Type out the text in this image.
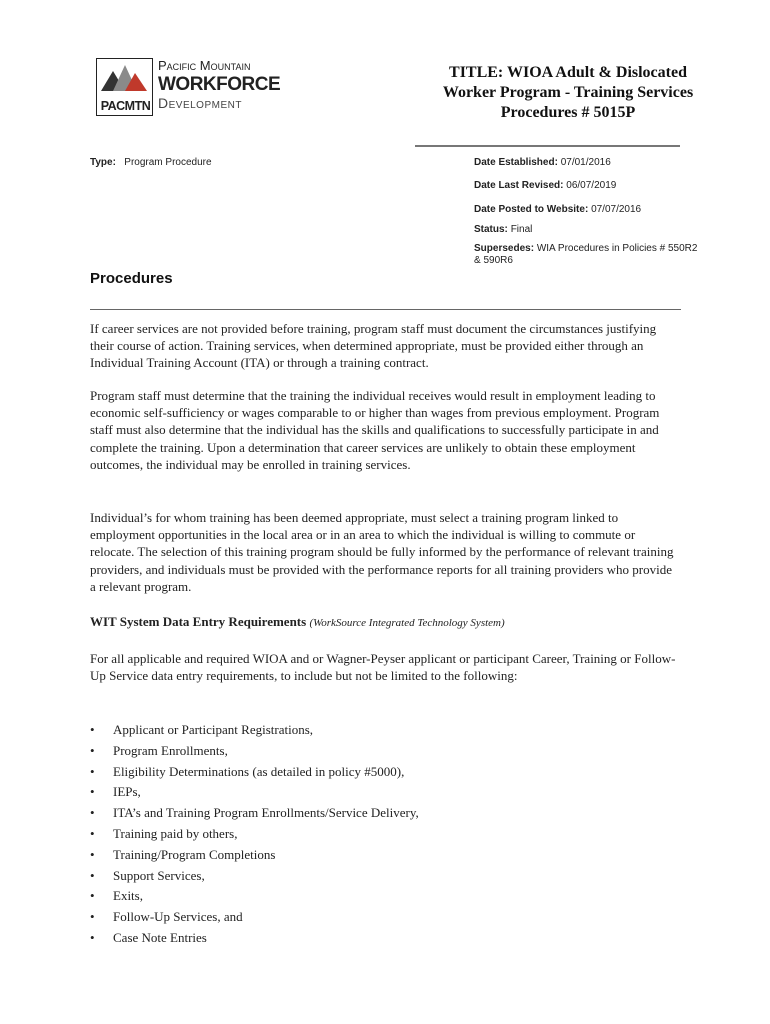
PACMTN
Pacific Mountain
WORKFORCE
Development
TITLE: WIOA Adult & Dislocated
Worker Program - Training Services
Procedures # 5015P
Type: Program Procedure	Date Established: 07/01/2016
Date Last Revised: 06/07/2019
Date Posted to Website: 07/07/2016
Status: Final
Supersedes: WIA Procedures in Policies # 550R2 & 590R6
Procedures

If career services are not provided before training, program staff must document the circumstances justifying their course of action. Training services, when determined appropriate, must be provided either through an Individual Training Account (ITA) or through a training contract.

Program staff must determine that the training the individual receives would result in employment leading to economic self-sufficiency or wages comparable to or higher than wages from previous employment. Program staff must also determine that the individual has the skills and qualifications to successfully participate in and complete the training. Upon a determination that career services are unlikely to obtain these employment outcomes, the individual may be enrolled in training services.

Individual’s for whom training has been deemed appropriate, must select a training program linked to employment opportunities in the local area or in an area to which the individual is willing to commute or relocate. The selection of this training program should be fully informed by the performance of relevant training providers, and individuals must be provided with the performance reports for all training providers who provide a relevant program.

WIT System Data Entry Requirements (WorkSource Integrated Technology System)

For all applicable and required WIOA and or Wagner-Peyser applicant or participant Career, Training or Follow-Up Service data entry requirements, to include but not be limited to the following:

• Applicant or Participant Registrations,
• Program Enrollments,
• Eligibility Determinations (as detailed in policy #5000),
• IEPs,
• ITA’s and Training Program Enrollments/Service Delivery,
• Training paid by others,
• Training/Program Completions
• Support Services,
• Exits,
• Follow-Up Services, and
• Case Note Entries
